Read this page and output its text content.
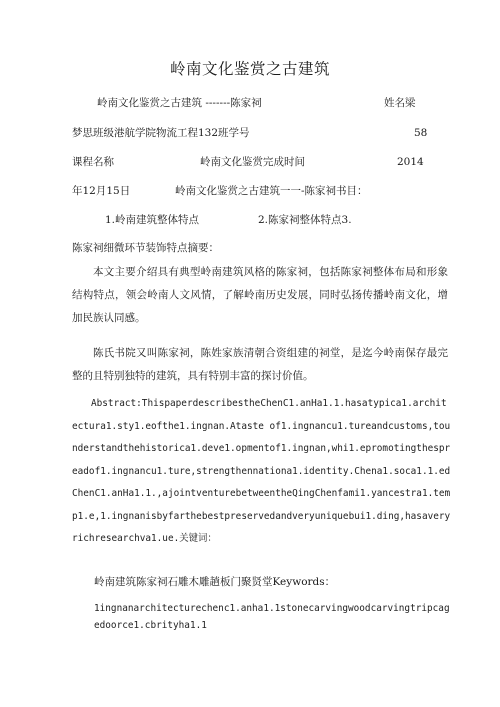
岭南文化鉴赏之古建筑
岭南文化鉴赏之古建筑 -------陈家祠	姓名梁
梦思班级港航学院物流工程132班学号	58
课程名称	岭南文化鉴赏完成时间	2014
年12月15日	岭南文化鉴赏之古建筑一一-陈家祠书目：
1.岭南建筑整体特点	2.陈家祠整体特点3.
陈家祠细微环节装饰特点摘要：
本文主要介绍具有典型岭南建筑风格的陈家祠，包括陈家祠整体布局和形象结构特点，领会岭南人文风情，了解岭南历史发展，同时弘扬传播岭南文化，增加民族认同感。
陈氏书院又叫陈家祠，陈姓家族清朝合资组建的祠堂，是迄今岭南保存最完整的且特别独特的建筑，具有特别丰富的探讨价值。
Abstract:ThispaperdescribestheChenC1.anHa1.1.hasatypica1.architectura1.sty1.eofthe1.ingnan.Ataste of1.ingnancu1.tureandcustoms,tounderstandthehistorica1.deve1.opmentof1.ingnan,whi1.epromotingthespreadof1.ingnancu1.ture,strengthennationa1.identity.Chena1.soca1.1.edChenC1.anHa1.1.,ajointventurebetweentheQingChenfami1.yancestra1.temp1.e,1.ingnanisbyfarthebestpreservedandveryuniquebui1.ding,hasaveryrichresearchva1.ue.关键词：
岭南建筑陈家祠石雕木雕趟板门聚贤堂Keywords：
1ingnanarchitecturechenc1.anha1.1stonecarvingwoodcarvingtripcagedoorce1.cbrityha1.1
